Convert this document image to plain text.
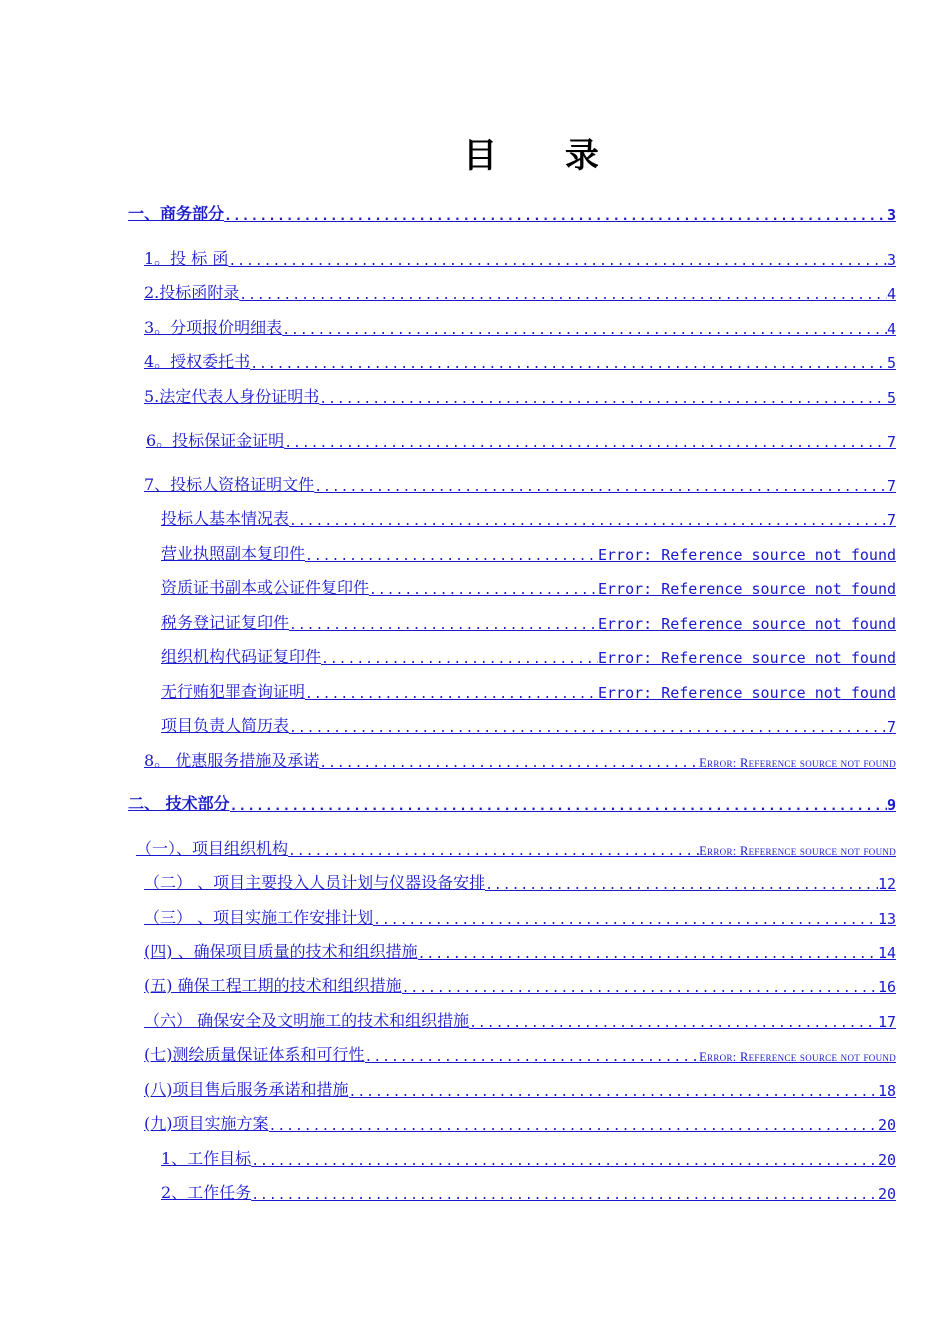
目 录
一、商务部分 .....	3
1。投 标 函 .....	3
2.投标函附录 .....	4
3。分项报价明细表 .....	4
4。授权委托书 .....	5
5.法定代表人身份证明书 .....	5
6。投标保证金证明 .....	7
7、投标人资格证明文件 .....	7
投标人基本情况表 .....	7
营业执照副本复印件 .....	Error: Reference source not found
资质证书副本或公证件复印件 .....	Error: Reference source not found
税务登记证复印件 .....	Error: Reference source not found
组织机构代码证复印件 .....	Error: Reference source not found
无行贿犯罪查询证明 .....	Error: Reference source not found
项目负责人简历表 .....	7
8。 优惠服务措施及承诺 .....	Error: Reference source not found
二、 技术部分 .....	9
（一）、项目组织机构 .....	Error: Reference source not found
（二） 、项目主要投入人员计划与仪器设备安排 .....	12
（三） 、项目实施工作安排计划 .....	13
(四) 、确保项目质量的技术和组织措施 .....	14
(五) 确保工程工期的技术和组织措施 .....	16
（六） 确保安全及文明施工的技术和组织措施 .....	17
(七)测绘质量保证体系和可行性 .....	Error: Reference source not found
(八)项目售后服务承诺和措施 .....	18
(九)项目实施方案 .....	20
1、工作目标 .....	20
2、工作任务 .....	20
